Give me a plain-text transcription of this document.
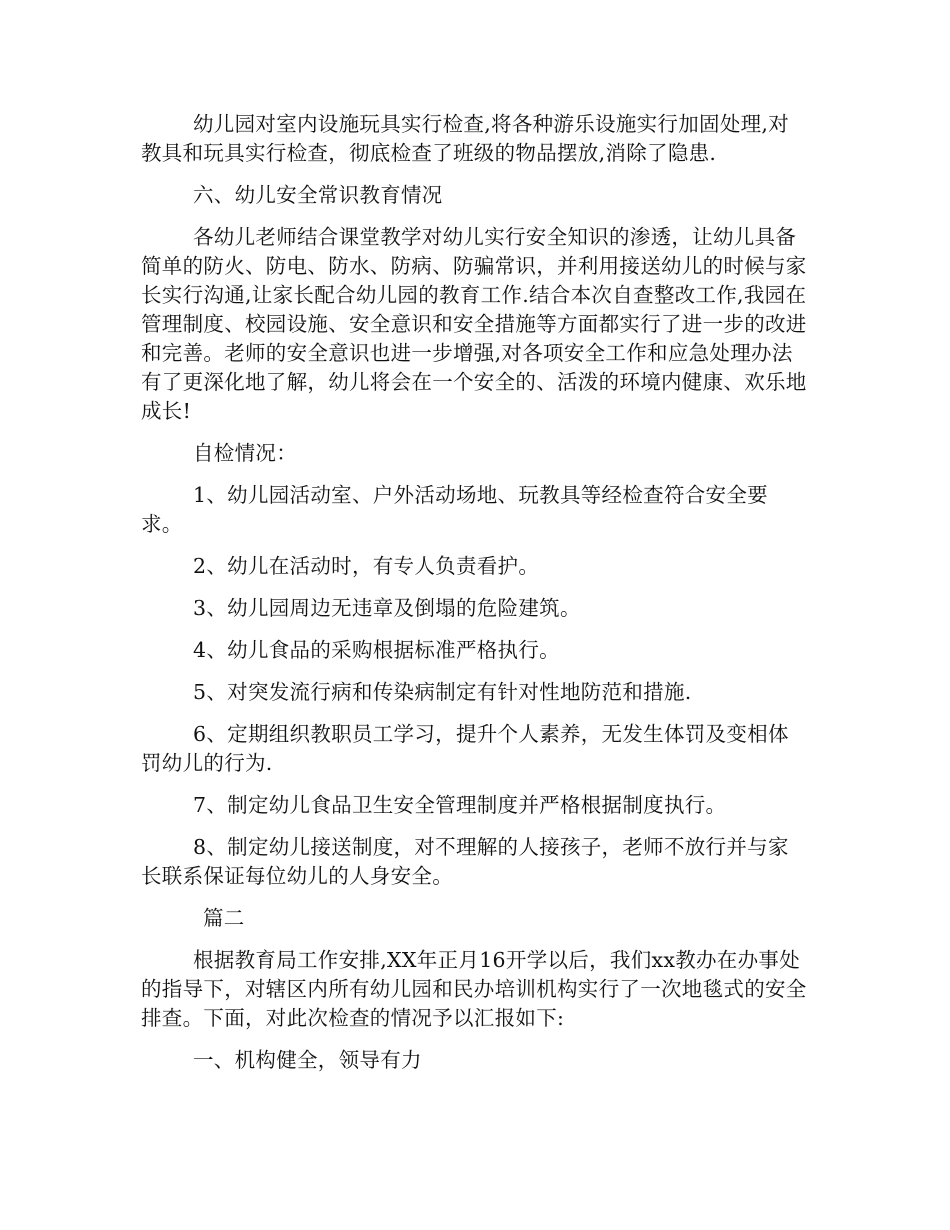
幼儿园对室内设施玩具实行检查,将各种游乐设施实行加固处理,对教具和玩具实行检查，彻底检查了班级的物品摆放,消除了隐患.

六、幼儿安全常识教育情况

各幼儿老师结合课堂教学对幼儿实行安全知识的渗透，让幼儿具备简单的防火、防电、防水、防病、防骗常识，并利用接送幼儿的时候与家长实行沟通,让家长配合幼儿园的教育工作.结合本次自查整改工作,我园在管理制度、校园设施、安全意识和安全措施等方面都实行了进一步的改进和完善。老师的安全意识也进一步增强,对各项安全工作和应急处理办法有了更深化地了解，幼儿将会在一个安全的、活泼的环境内健康、欢乐地成长!

自检情况：

1、幼儿园活动室、户外活动场地、玩教具等经检查符合安全要求。

2、幼儿在活动时，有专人负责看护。

3、幼儿园周边无违章及倒塌的危险建筑。

4、幼儿食品的采购根据标准严格执行。

5、对突发流行病和传染病制定有针对性地防范和措施.

6、定期组织教职员工学习，提升个人素养，无发生体罚及变相体罚幼儿的行为.

7、制定幼儿食品卫生安全管理制度并严格根据制度执行。

8、制定幼儿接送制度，对不理解的人接孩子，老师不放行并与家长联系保证每位幼儿的人身安全。

篇二

根据教育局工作安排,XX年正月16开学以后，我们xx教办在办事处的指导下，对辖区内所有幼儿园和民办培训机构实行了一次地毯式的安全排查。下面，对此次检查的情况予以汇报如下:

一、机构健全，领导有力
